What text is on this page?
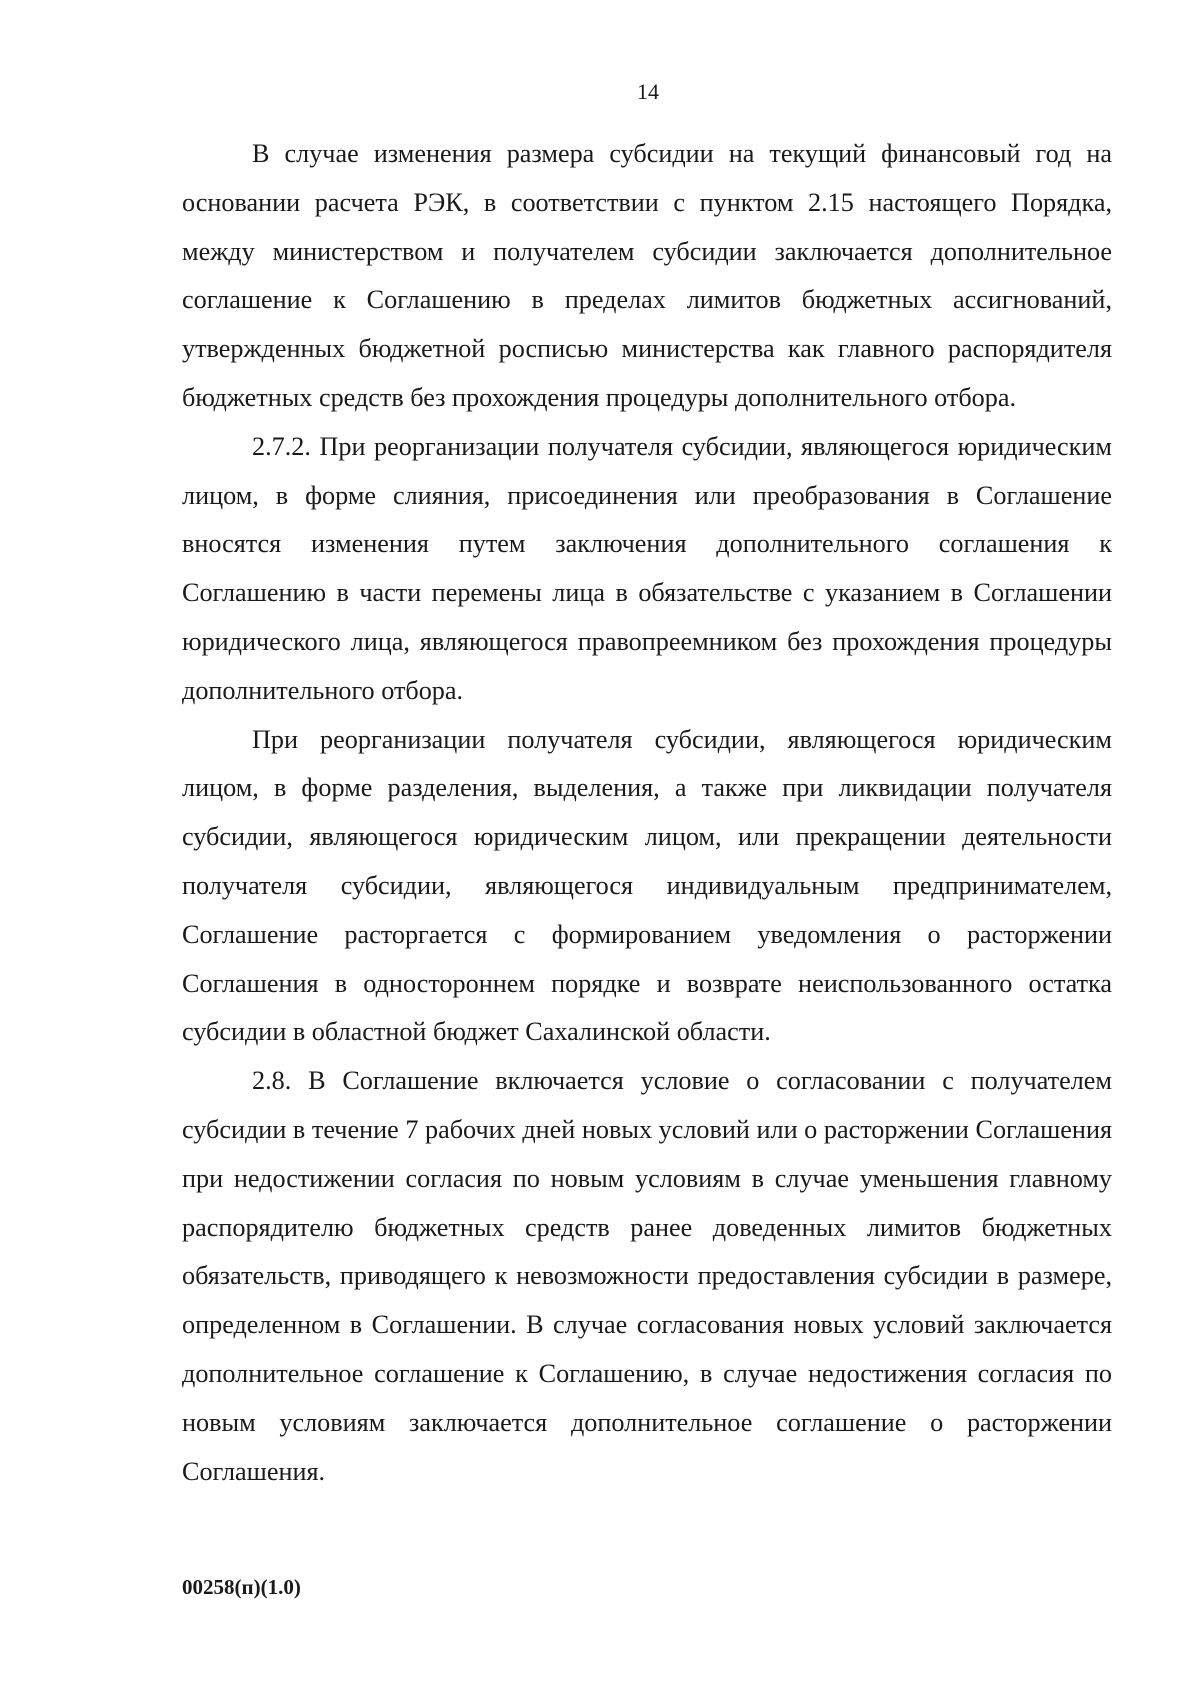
14

В случае изменения размера субсидии на текущий финансовый год на основании расчета РЭК, в соответствии с пунктом 2.15 настоящего Порядка, между министерством и получателем субсидии заключается дополнительное соглашение к Соглашению в пределах лимитов бюджетных ассигнований, утвержденных бюджетной росписью министерства как главного распорядителя бюджетных средств без прохождения процедуры дополнительного отбора.

2.7.2. При реорганизации получателя субсидии, являющегося юридическим лицом, в форме слияния, присоединения или преобразования в Соглашение вносятся изменения путем заключения дополнительного соглашения к Соглашению в части перемены лица в обязательстве с указанием в Соглашении юридического лица, являющегося правопреемником без прохождения процедуры дополнительного отбора.

При реорганизации получателя субсидии, являющегося юридическим лицом, в форме разделения, выделения, а также при ликвидации получателя субсидии, являющегося юридическим лицом, или прекращении деятельности получателя субсидии, являющегося индивидуальным предпринимателем, Соглашение расторгается с формированием уведомления о расторжении Соглашения в одностороннем порядке и возврате неиспользованного остатка субсидии в областной бюджет Сахалинской области.

2.8. В Соглашение включается условие о согласовании с получателем субсидии в течение 7 рабочих дней новых условий или о расторжении Соглашения при недостижении согласия по новым условиям в случае уменьшения главному распорядителю бюджетных средств ранее доведенных лимитов бюджетных обязательств, приводящего к невозможности предоставления субсидии в размере, определенном в Соглашении. В случае согласования новых условий заключается дополнительное соглашение к Соглашению, в случае недостижения согласия по новым условиям заключается дополнительное соглашение о расторжении Соглашения.

00258(п)(1.0)
